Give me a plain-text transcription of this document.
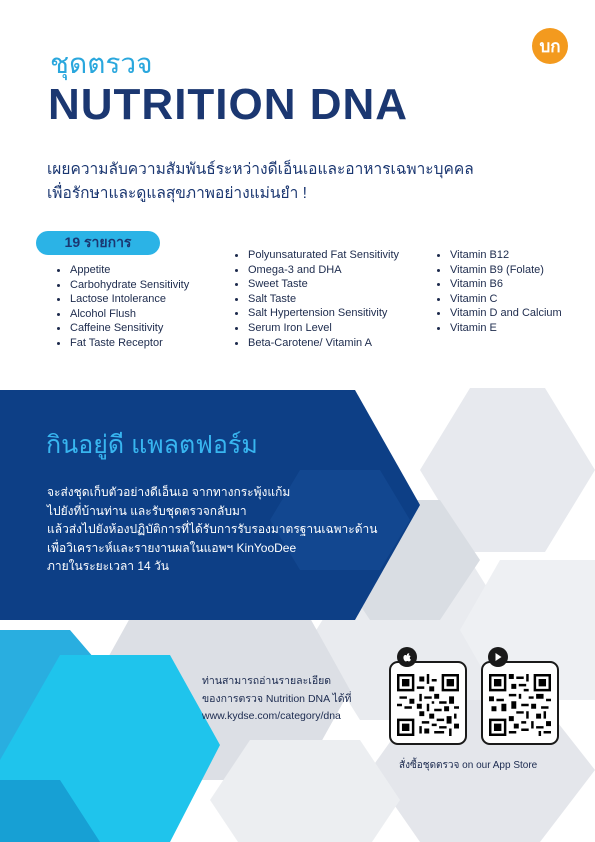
บก
ชุดตรวจ
NUTRITION DNA
เผยความลับความสัมพันธ์ระหว่างดีเอ็นเอและอาหารเฉพาะบุคคล
เพื่อรักษาและดูแลสุขภาพอย่างแม่นยำ !
19 รายการ
Appetite
Carbohydrate Sensitivity
Lactose Intolerance
Alcohol Flush
Caffeine Sensitivity
Fat Taste Receptor
Polyunsaturated Fat Sensitivity
Omega-3 and DHA
Sweet Taste
Salt Taste
Salt Hypertension Sensitivity
Serum Iron Level
Beta-Carotene/ Vitamin A
Vitamin B12
Vitamin B9 (Folate)
Vitamin B6
Vitamin C
Vitamin D and Calcium
Vitamin E
กินอยู่ดี แพลตฟอร์ม
จะส่งชุดเก็บตัวอย่างดีเอ็นเอ จากทางกระพุ้งแก้ม
ไปยังที่บ้านท่าน และรับชุดตรวจกลับมา
แล้วส่งไปยังห้องปฏิบัติการที่ได้รับการรับรองมาตรฐานเฉพาะด้าน
เพื่อวิเคราะห์และรายงานผลในแอพฯ KinYooDee
ภายในระยะเวลา 14 วัน
ท่านสามารถอ่านรายละเอียด
ของการตรวจ Nutrition DNA ได้ที่
www.kydse.com/category/dna
สั่งซื้อชุดตรวจ on our App Store
